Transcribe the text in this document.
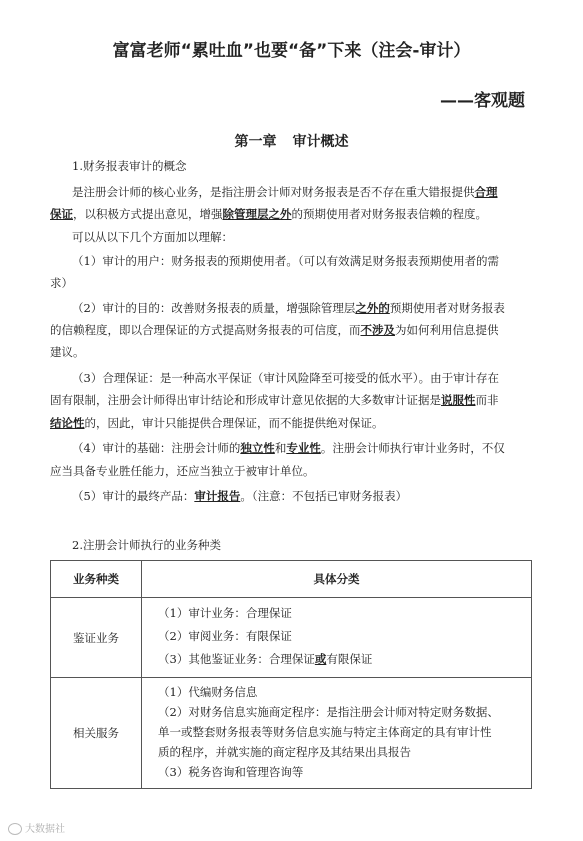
富富老师“累吐血”也要“备”下来（注会-审计）
——客观题
第一章 审计概述
1.财务报表审计的概念
是注册会计师的核心业务，是指注册会计师对财务报表是否不存在重大错报提供合理
保证，以积极方式提出意见，增强除管理层之外的预期使用者对财务报表信赖的程度。
可以从以下几个方面加以理解：
（1）审计的用户：财务报表的预期使用者。（可以有效满足财务报表预期使用者的需
求）
（2）审计的目的：改善财务报表的质量，增强除管理层之外的预期使用者对财务报表
的信赖程度，即以合理保证的方式提高财务报表的可信度，而不涉及为如何利用信息提供
建议。
（3）合理保证：是一种高水平保证（审计风险降至可接受的低水平）。由于审计存在
固有限制，注册会计师得出审计结论和形成审计意见依据的大多数审计证据是说服性而非
结论性的，因此，审计只能提供合理保证，而不能提供绝对保证。
（4）审计的基础：注册会计师的独立性和专业性。注册会计师执行审计业务时，不仅
应当具备专业胜任能力，还应当独立于被审计单位。
（5）审计的最终产品：审计报告。（注意：不包括已审财务报表）
2.注册会计师执行的业务种类
业务种类	具体分类
鉴证业务	（1）审计业务：合理保证
（2）审阅业务：有限保证
（3）其他鉴证业务：合理保证或有限保证

相关服务	（1）代编财务信息
（2）对财务信息实施商定程序：是指注册会计师对特定财务数据、
单一或整套财务报表等财务信息实施与特定主体商定的具有审计性
质的程序，并就实施的商定程序及其结果出具报告
（3）税务咨询和管理咨询等
大数据社
